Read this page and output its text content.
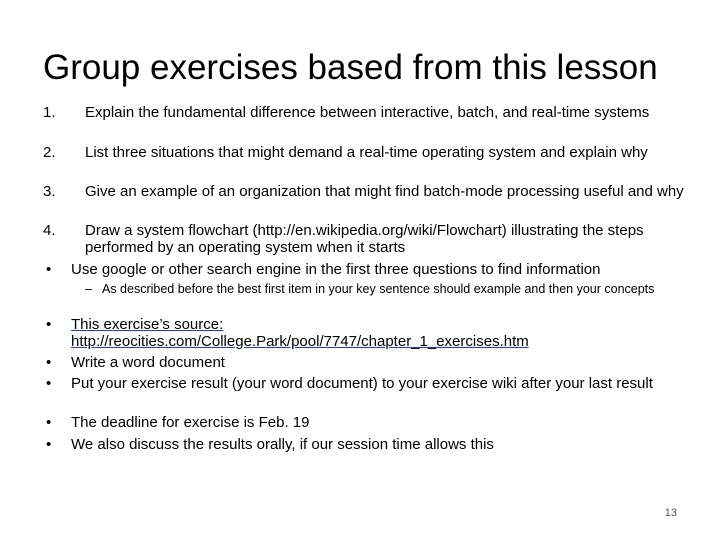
Group exercises based from this lesson
1. Explain the fundamental difference between interactive, batch, and real-time systems
2. List three situations that might demand a real-time operating system and explain why
3. Give an example of an organization that might find batch-mode processing useful and why
4. Draw a system flowchart (http://en.wikipedia.org/wiki/Flowchart) illustrating the steps performed by an operating system when it starts
• Use google or other search engine in the first three questions to find information
– As described before the best first item in your key sentence should example and then your concepts
• This exercise’s source: http://reocities.com/College.Park/pool/7747/chapter_1_exercises.htm
• Write a word document
• Put your exercise result (your word document) to your exercise wiki after your last result
• The deadline for exercise is Feb. 19
• We also discuss the results orally, if our session time allows this
13
